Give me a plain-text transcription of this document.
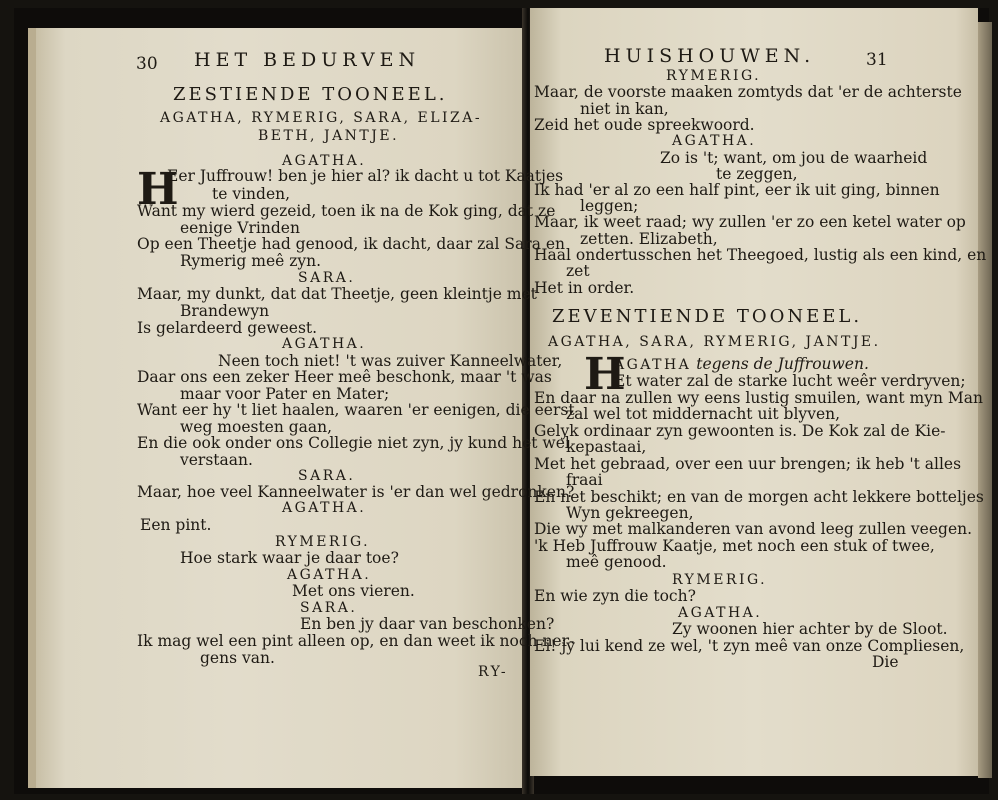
30 HET BEDURVEN
ZESTIENDE TOONEEL.
AGATHA, RYMERIG, SARA, ELIZA-
BETH, JANTJE.
AGATHA.
H
Eer Juffrouw! ben je hier al? ik dacht u tot Kaatjes
te vinden,
Want my wierd gezeid, toen ik na de Kok ging, dat ze
eenige Vrinden
Op een Theetje had genood, ik dacht, daar zal Sara en
Rymerig meê zyn.
SARA.
Maar, my dunkt, dat dat Theetje, geen kleintje met
Brandewyn
Is gelardeerd geweest.
AGATHA.
Neen toch niet! 't was zuiver Kanneelwater,
Daar ons een zeker Heer meê beschonk, maar 't was
maar voor Pater en Mater;
Want eer hy 't liet haalen, waaren 'er eenigen, die eerst
weg moesten gaan,
En die ook onder ons Collegie niet zyn, jy kund het wel
verstaan.
SARA.
Maar, hoe veel Kanneelwater is 'er dan wel gedronken?
AGATHA.
Een pint.
RYMERIG.
Hoe stark waar je daar toe?
AGATHA.
Met ons vieren.
SARA.
En ben jy daar van beschonken?
Ik mag wel een pint alleen op, en dan weet ik noch ner-
gens van.
RY-
HUISHOUWEN.	31
RYMERIG.
Maar, de voorste maaken zomtyds dat 'er de achterste
niet in kan,
Zeid het oude spreekwoord.
AGATHA.
Zo is 't; want, om jou de waarheid
te zeggen,
Ik had 'er al zo een half pint, eer ik uit ging, binnen
leggen;
Maar, ik weet raad; wy zullen 'er zo een ketel water op
zetten. Elizabeth,
Haal ondertusschen het Theegoed, lustig als een kind, en
zet
Het in order.
ZEVENTIENDE TOONEEL.
AGATHA, SARA, RYMERIG, JANTJE.
H
AGATHA tegens de Juffrouwen.
Et water zal de starke lucht weêr verdryven;
En daar na zullen wy eens lustig smuilen, want myn Man
zal wel tot middernacht uit blyven,
Gelyk ordinaar zyn gewoonten is. De Kok zal de Kie-
kepastaai,
Met het gebraad, over een uur brengen; ik heb 't alles
fraai
En net beschikt; en van de morgen acht lekkere botteljes
Wyn gekreegen,
Die wy met malkanderen van avond leeg zullen veegen.
'k Heb Juffrouw Kaatje, met noch een stuk of twee,
meê genood.
RYMERIG.
En wie zyn die toch?
AGATHA.
Zy woonen hier achter by de Sloot.
Ei! jy lui kend ze wel, 't zyn meê van onze Compliesen,
Die
